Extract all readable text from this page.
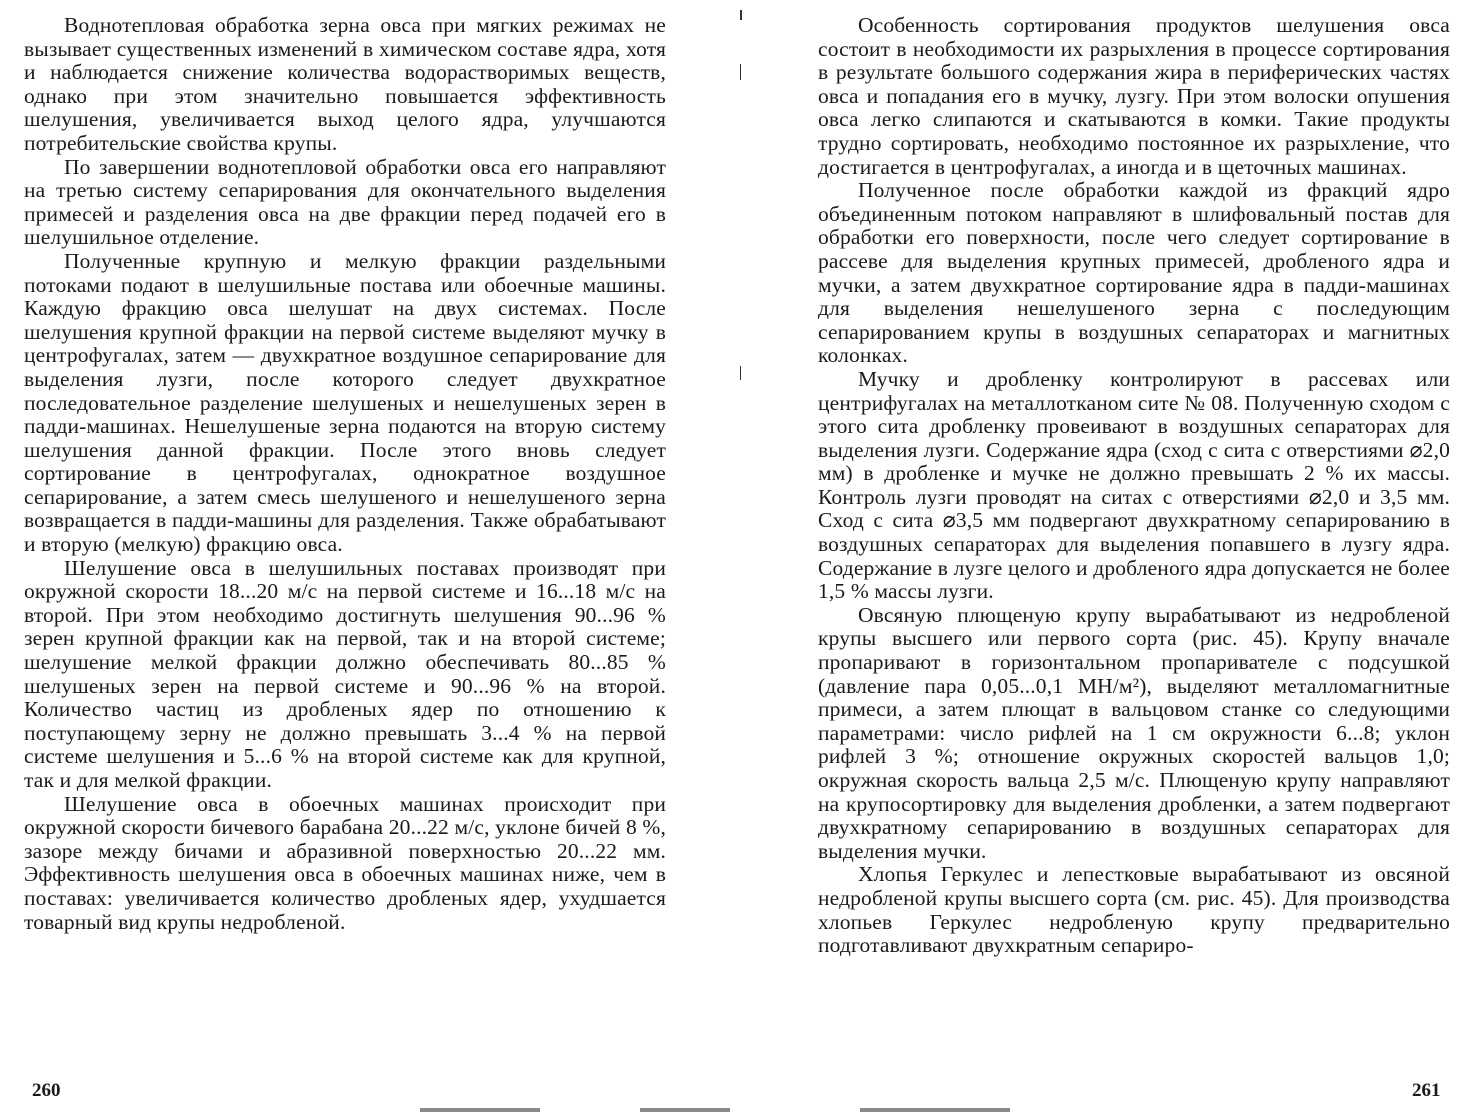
Воднотепловая обработка зерна овса при мягких режимах не вызывает существенных изменений в химическом составе ядра, хотя и наблюдается снижение количества водорастворимых веществ, однако при этом значительно повышается эффективность шелушения, увеличивается выход целого ядра, улучшаются потребительские свойства крупы.

По завершении воднотепловой обработки овса его направляют на третью систему сепарирования для окончательного выделения примесей и разделения овса на две фракции перед подачей его в шелушильное отделение.

Полученные крупную и мелкую фракции раздельными потоками подают в шелушильные постава или обоечные машины. Каждую фракцию овса шелушат на двух системах. После шелушения крупной фракции на первой системе выделяют мучку в центрофугалах, затем — двухкратное воздушное сепарирование для выделения лузги, после которого следует двухкратное последовательное разделение шелушеных и нешелушеных зерен в падди-машинах. Нешелушеные зерна подаются на вторую систему шелушения данной фракции. После этого вновь следует сортирование в центрофугалах, однократное воздушное сепарирование, а затем смесь шелушеного и нешелушеного зерна возвращается в падди-машины для разделения. Также обрабатывают и вторую (мелкую) фракцию овса.

Шелушение овса в шелушильных поставах производят при окружной скорости 18...20 м/с на первой системе и 16...18 м/с на второй. При этом необходимо достигнуть шелушения 90...96 % зерен крупной фракции как на первой, так и на второй системе; шелушение мелкой фракции должно обеспечивать 80...85 % шелушеных зерен на первой системе и 90...96 % на второй. Количество частиц из дробленых ядер по отношению к поступающему зерну не должно превышать 3...4 % на первой системе шелушения и 5...6 % на второй системе как для крупной, так и для мелкой фракции.

Шелушение овса в обоечных машинах происходит при окружной скорости бичевого барабана 20...22 м/с, уклоне бичей 8 %, зазоре между бичами и абразивной поверхностью 20...22 мм. Эффективность шелушения овса в обоечных машинах ниже, чем в поставах: увеличивается количество дробленых ядер, ухудшается товарный вид крупы недробленой.

260

Особенность сортирования продуктов шелушения овса состоит в необходимости их разрыхления в процессе сортирования в результате большого содержания жира в периферических частях овса и попадания его в мучку, лузгу. При этом волоски опушения овса легко слипаются и скатываются в комки. Такие продукты трудно сортировать, необходимо постоянное их разрыхление, что достигается в центрофугалах, а иногда и в щеточных машинах.

Полученное после обработки каждой из фракций ядро объединенным потоком направляют в шлифовальный постав для обработки его поверхности, после чего следует сортирование в рассеве для выделения крупных примесей, дробленого ядра и мучки, а затем двухкратное сортирование ядра в падди-машинах для выделения нешелушеного зерна с последующим сепарированием крупы в воздушных сепараторах и магнитных колонках.

Мучку и дробленку контролируют в рассевах или центрифугалах на металлотканом сите № 08. Полученную сходом с этого сита дробленку провеивают в воздушных сепараторах для выделения лузги. Содержание ядра (сход с сита с отверстиями ⌀2,0 мм) в дробленке и мучке не должно превышать 2 % их массы. Контроль лузги проводят на ситах с отверстиями ⌀2,0 и 3,5 мм. Сход с сита ⌀3,5 мм подвергают двухкратному сепарированию в воздушных сепараторах для выделения попавшего в лузгу ядра. Содержание в лузге целого и дробленого ядра допускается не более 1,5 % массы лузги.

Овсяную плющеную крупу вырабатывают из недробленой крупы высшего или первого сорта (рис. 45). Крупу вначале пропаривают в горизонтальном пропаривателе с подсушкой (давление пара 0,05...0,1 МН/м²), выделяют металломагнитные примеси, а затем плющат в вальцовом станке со следующими параметрами: число рифлей на 1 см окружности 6...8; уклон рифлей 3 %; отношение окружных скоростей вальцов 1,0; окружная скорость вальца 2,5 м/с. Плющеную крупу направляют на крупосортировку для выделения дробленки, а затем подвергают двухкратному сепарированию в воздушных сепараторах для выделения мучки.

Хлопья Геркулес и лепестковые вырабатывают из овсяной недробленой крупы высшего сорта (см. рис. 45). Для производства хлопьев Геркулес недробленую крупу предварительно подготавливают двухкратным сепариро-

261
